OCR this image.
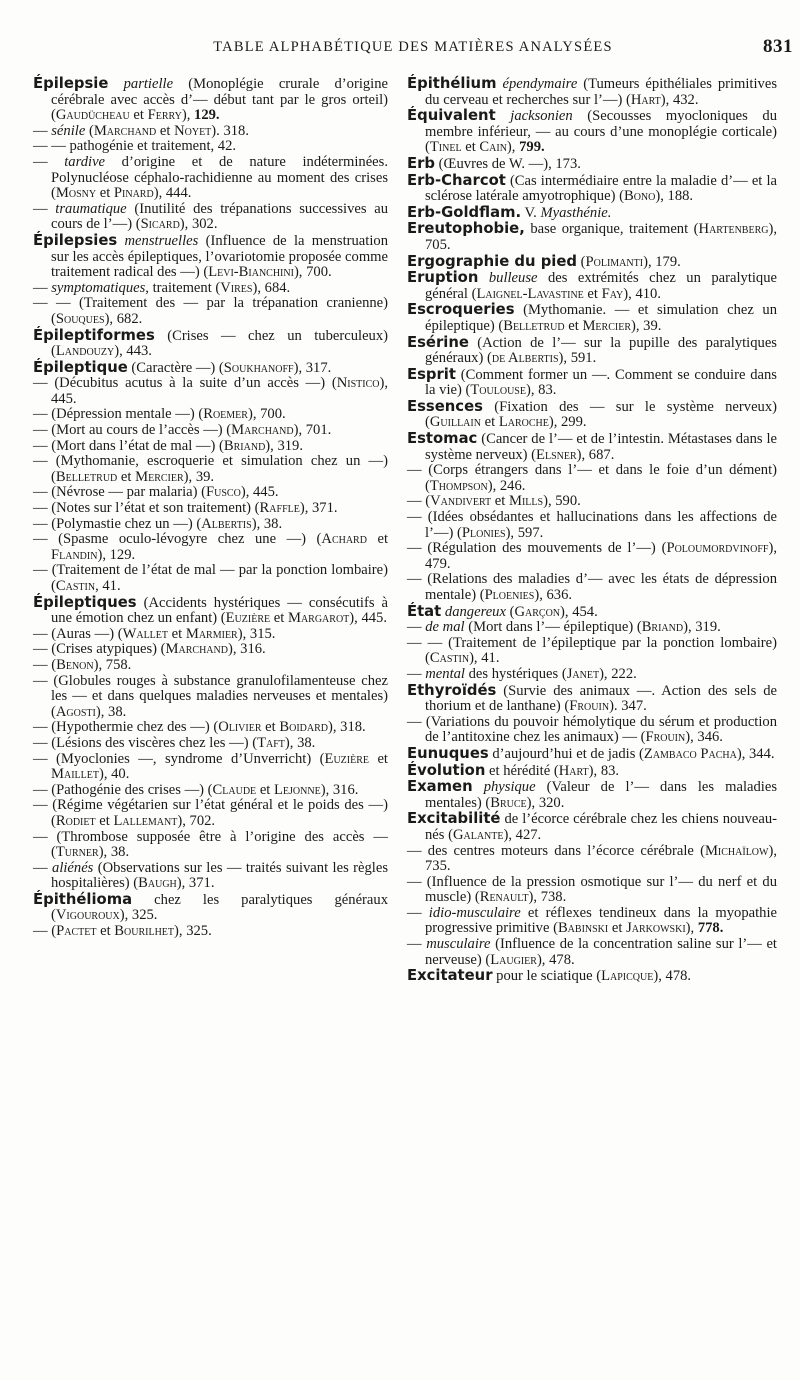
TABLE ALPHABÉTIQUE DES MATIÈRES ANALYSÉES	831

Épilepsie partielle (Monoplégie crurale d’origine cérébrale avec accès d’— début tant par le gros orteil) (Gaudücheau et Ferry), 129.

— sénile (Marchand et Noyet). 318.

— — pathogénie et traitement, 42.

— tardive d’origine et de nature indéterminées. Polynucléose céphalo-rachidienne au moment des crises (Mosny et Pinard), 444.

— traumatique (Inutilité des trépanations successives au cours de l’—) (Sicard), 302.

Épilepsies menstruelles (Influence de la menstruation sur les accès épileptiques, l’ovariotomie proposée comme traitement radical des —) (Levi-Bianchini), 700.

— symptomatiques, traitement (Vires), 684.

— — (Traitement des — par la trépanation cranienne) (Souques), 682.

Épileptiformes (Crises — chez un tuberculeux) (Landouzy), 443.

Épileptique (Caractère —) (Soukhanoff), 317.

— (Décubitus acutus à la suite d’un accès —) (Nistico), 445.

— (Dépression mentale —) (Roemer), 700.

— (Mort au cours de l’accès —) (Marchand), 701.

— (Mort dans l’état de mal —) (Briand), 319.

— (Mythomanie, escroquerie et simulation chez un —) (Belletrud et Mercier), 39.

— (Névrose — par malaria) (Fusco), 445.

— (Notes sur l’état et son traitement) (Raffle), 371.

— (Polymastie chez un —) (Albertis), 38.

— (Spasme oculo-lévogyre chez une —) (Achard et Flandin), 129.

— (Traitement de l’état de mal — par la ponction lombaire) (Castin, 41.

Épileptiques (Accidents hystériques — consécutifs à une émotion chez un enfant) (Euzière et Margarot), 445.

— (Auras —) (Wallet et Marmier), 315.

— (Crises atypiques) (Marchand), 316.

— (Benon), 758.

— (Globules rouges à substance granulofilamenteuse chez les — et dans quelques maladies nerveuses et mentales) (Agosti), 38.

— (Hypothermie chez des —) (Olivier et Boidard), 318.

— (Lésions des viscères chez les —) (Taft), 38.

— (Myoclonies —, syndrome d’Unverricht) (Euzière et Maillet), 40.

— (Pathogénie des crises —) (Claude et Lejonne), 316.

— (Régime végétarien sur l’état général et le poids des —) (Rodiet et Lallemant), 702.

— (Thrombose supposée être à l’origine des accès — (Turner), 38.

— aliénés (Observations sur les — traités suivant les règles hospitalières) (Baugh), 371.

Épithélioma chez les paralytiques généraux (Vigouroux), 325.

— (Pactet et Bourilhet), 325.

Épithélium épendymaire (Tumeurs épithéliales primitives du cerveau et recherches sur l’—) (Hart), 432.

Équivalent jacksonien (Secousses myocloniques du membre inférieur, — au cours d’une monoplégie corticale) (Tinel et Cain), 799.

Erb (Œuvres de W. —), 173.

Erb-Charcot (Cas intermédiaire entre la maladie d’— et la sclérose latérale amyotrophique) (Bono), 188.

Erb-Goldflam. V. Myasthénie.

Ereutophobie, base organique, traitement (Hartenberg), 705.

Ergographie du pied (Polimanti), 179.

Eruption bulleuse des extrémités chez un paralytique général (Laignel-Lavastine et Fay), 410.

Escroqueries (Mythomanie. — et simulation chez un épileptique) (Belletrud et Mercier), 39.

Esérine (Action de l’— sur la pupille des paralytiques généraux) (de Albertis), 591.

Esprit (Comment former un —. Comment se conduire dans la vie) (Toulouse), 83.

Essences (Fixation des — sur le système nerveux) (Guillain et Laroche), 299.

Estomac (Cancer de l’— et de l’intestin. Métastases dans le système nerveux) (Elsner), 687.

— (Corps étrangers dans l’— et dans le foie d’un dément) (Thompson), 246.

— (Vandivert et Mills), 590.

— (Idées obsédantes et hallucinations dans les affections de l’—) (Plonies), 597.

— (Régulation des mouvements de l’—) (Poloumordvinoff), 479.

— (Relations des maladies d’— avec les états de dépression mentale) (Ploenies), 636.

État dangereux (Garçon), 454.

— de mal (Mort dans l’— épileptique) (Briand), 319.

— — (Traitement de l’épileptique par la ponction lombaire) (Castin), 41.

— mental des hystériques (Janet), 222.

Ethyroïdés (Survie des animaux —. Action des sels de thorium et de lanthane) (Frouin). 347.

— (Variations du pouvoir hémolytique du sérum et production de l’antitoxine chez les animaux) — (Frouin), 346.

Eunuques d’aujourd’hui et de jadis (Zambaco Pacha), 344.

Évolution et hérédité (Hart), 83.

Examen physique (Valeur de l’— dans les maladies mentales) (Bruce), 320.

Excitabilité de l’écorce cérébrale chez les chiens nouveau-nés (Galante), 427.

— des centres moteurs dans l’écorce cérébrale (Michaïlow), 735.

— (Influence de la pression osmotique sur l’— du nerf et du muscle) (Renault), 738.

— idio-musculaire et réflexes tendineux dans la myopathie progressive primitive (Babinski et Jarkowski), 778.

— musculaire (Influence de la concentration saline sur l’— et nerveuse) (Laugier), 478.

Excitateur pour le sciatique (Lapicque), 478.
